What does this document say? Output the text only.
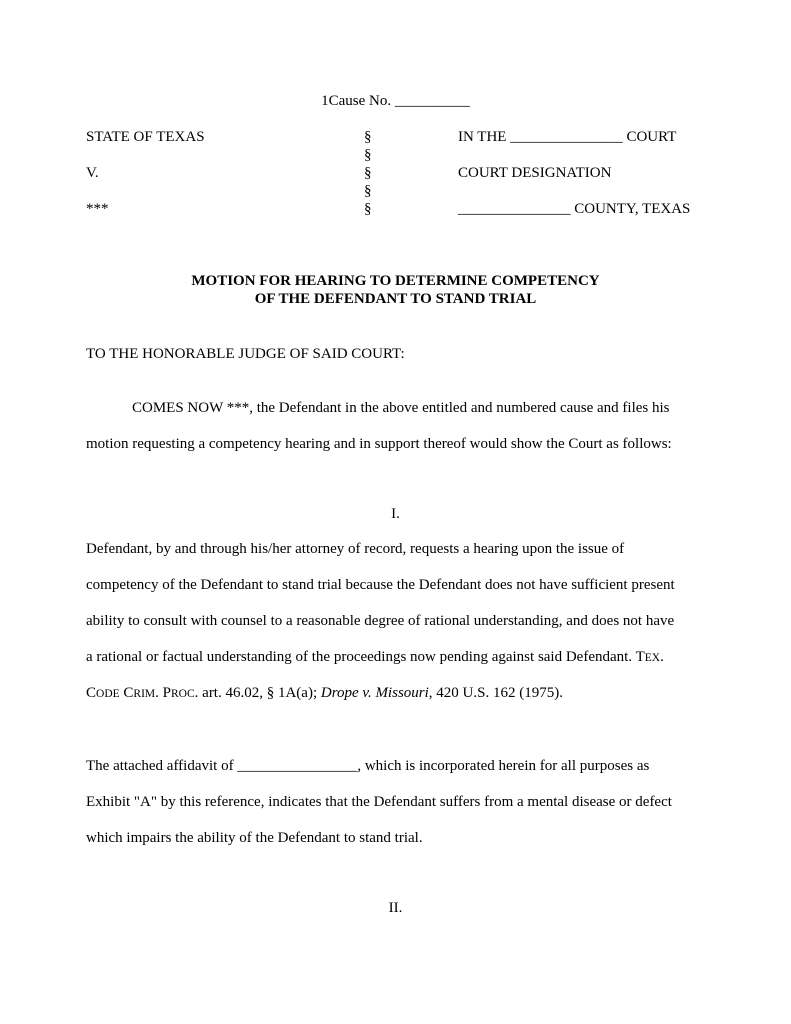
1Cause No. __________
STATE OF TEXAS
V.
***
§
§
§
§
§
IN THE _______________ COURT
COURT DESIGNATION
_______________ COUNTY, TEXAS
MOTION FOR HEARING TO DETERMINE COMPETENCY
OF THE DEFENDANT TO STAND TRIAL
TO THE HONORABLE JUDGE OF SAID COURT:
COMES NOW ***, the Defendant in the above entitled and numbered cause and files his
motion requesting a competency hearing and in support thereof would show the Court as follows:
I.
Defendant, by and through his/her attorney of record, requests a hearing upon the issue of
competency of the Defendant to stand trial because the Defendant does not have sufficient present
ability to consult with counsel to a reasonable degree of rational understanding, and does not have
a rational or factual understanding of the proceedings now pending against said Defendant. TEX.
CODE CRIM. PROC. art. 46.02, § 1A(a); Drope v. Missouri, 420 U.S. 162 (1975).
The attached affidavit of ________________, which is incorporated herein for all purposes as
Exhibit "A" by this reference, indicates that the Defendant suffers from a mental disease or defect
which impairs the ability of the Defendant to stand trial.
II.
